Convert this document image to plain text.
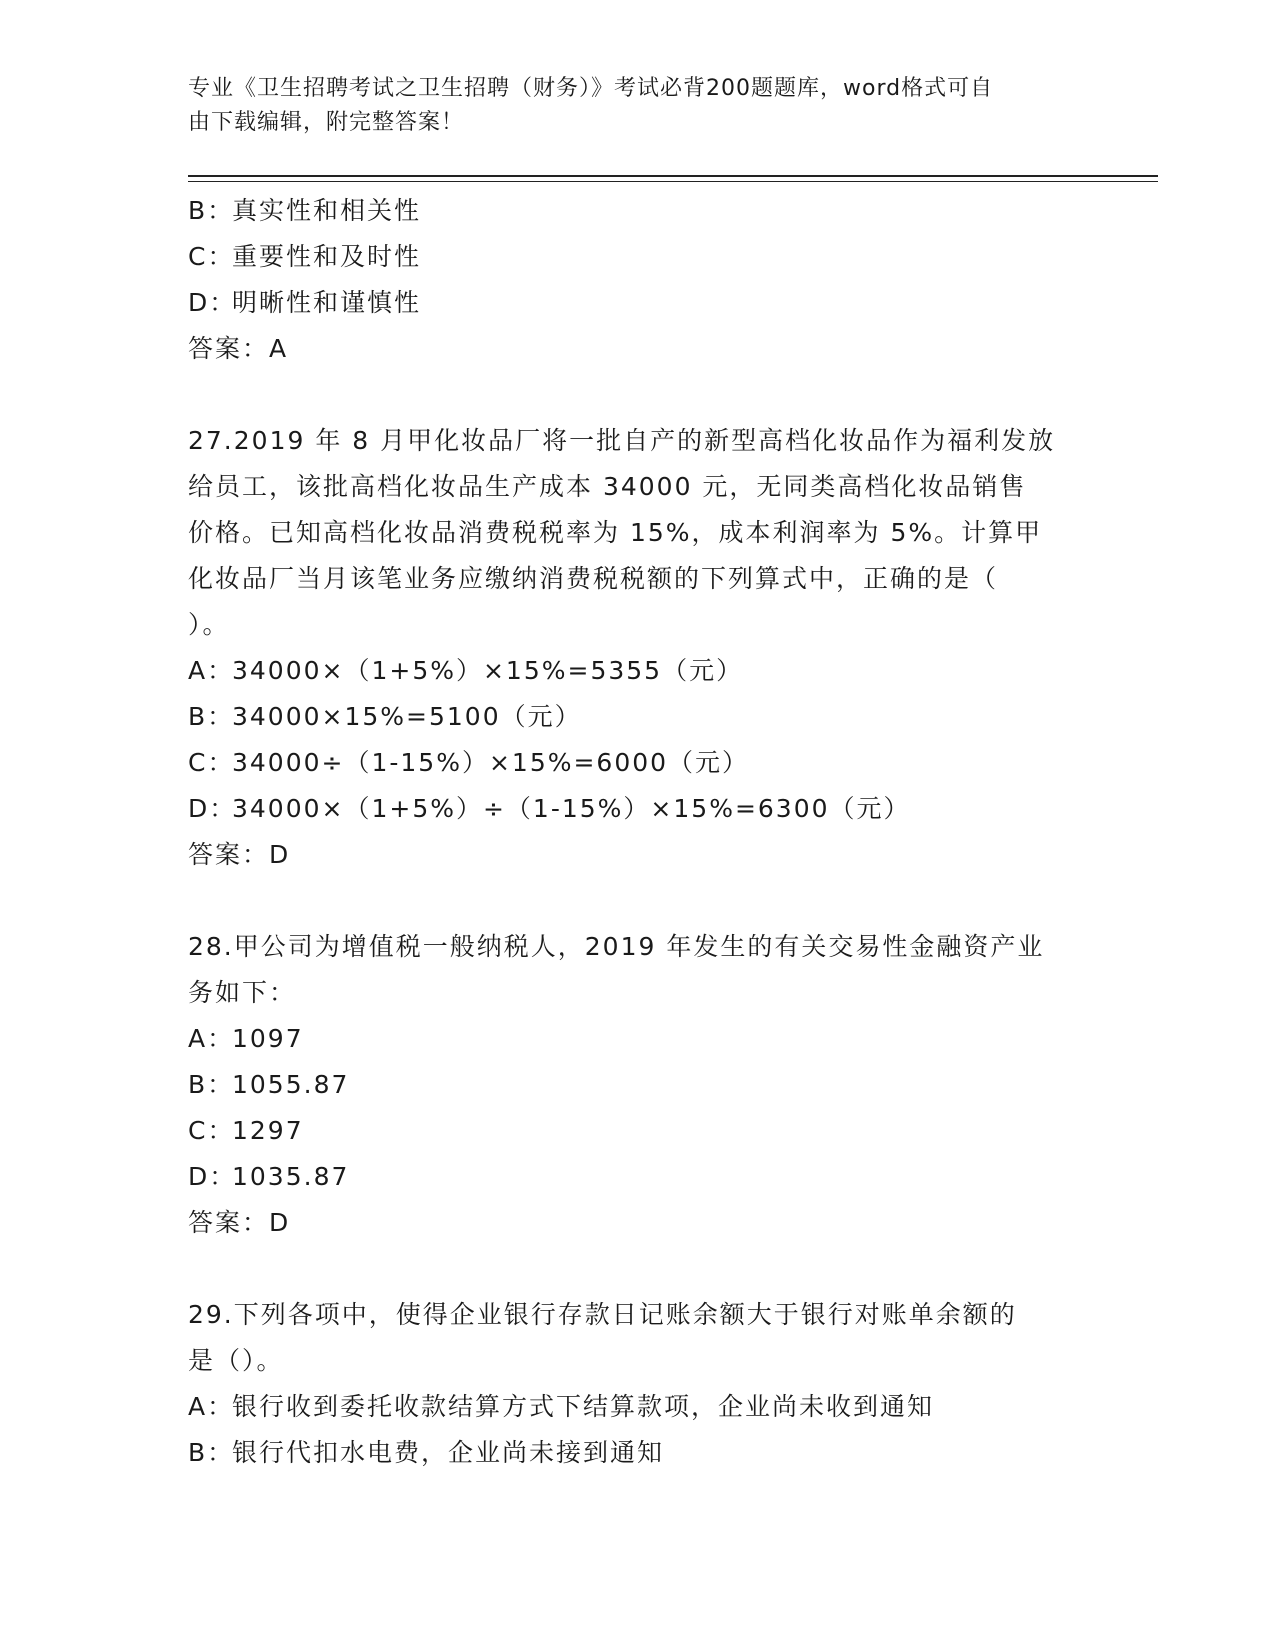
专业《卫生招聘考试之卫生招聘（财务）》考试必背200题题库，word格式可自
由下载编辑，附完整答案！
B：真实性和相关性
C：重要性和及时性
D：明晰性和谨慎性
答案：A
27.2019 年 8 月甲化妆品厂将一批自产的新型高档化妆品作为福利发放
给员工，该批高档化妆品生产成本 34000 元，无同类高档化妆品销售
价格。已知高档化妆品消费税税率为 15%，成本利润率为 5%。计算甲
化妆品厂当月该笔业务应缴纳消费税税额的下列算式中，正确的是（
）。
A：34000×（1+5%）×15%=5355（元）
B：34000×15%=5100（元）
C：34000÷（1-15%）×15%=6000（元）
D：34000×（1+5%）÷（1-15%）×15%=6300（元）
答案：D
28.甲公司为增值税一般纳税人，2019 年发生的有关交易性金融资产业
务如下：
A：1097
B：1055.87
C：1297
D：1035.87
答案：D
29.下列各项中，使得企业银行存款日记账余额大于银行对账单余额的
是（）。
A：银行收到委托收款结算方式下结算款项，企业尚未收到通知
B：银行代扣水电费，企业尚未接到通知
